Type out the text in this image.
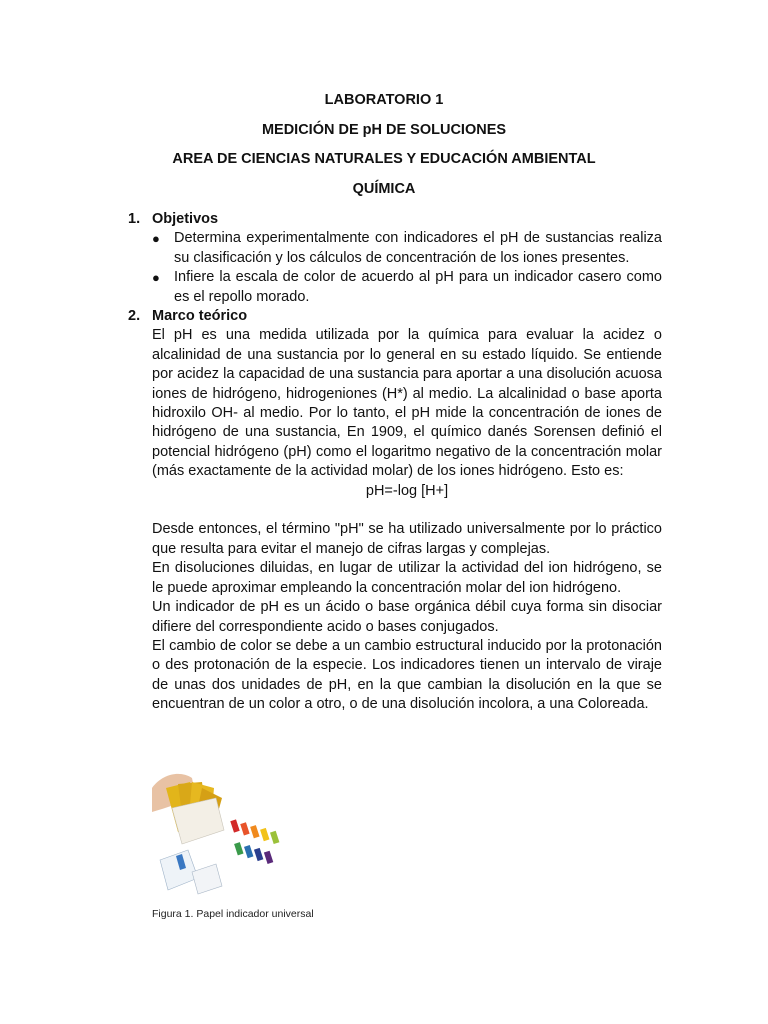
LABORATORIO 1
MEDICIÓN DE pH DE SOLUCIONES
AREA DE CIENCIAS NATURALES Y EDUCACIÓN AMBIENTAL
QUÍMICA
1. Objetivos
● Determina experimentalmente con indicadores el pH de sustancias realiza su clasificación y los cálculos de concentración de los iones presentes.
● Infiere la escala de color de acuerdo al pH para un indicador casero como es el repollo morado.
2. Marco teórico

El pH es una medida utilizada por la química para evaluar la acidez o alcalinidad de una sustancia por lo general en su estado líquido. Se entiende por acidez la capacidad de una sustancia para aportar a una disolución acuosa iones de hidrógeno, hidrogeniones (H*) al medio. La alcalinidad o base aporta hidroxilo OH- al medio. Por lo tanto, el pH mide la concentración de iones de hidrógeno de una sustancia, En 1909, el químico danés Sorensen definió el potencial hidrógeno (pH) como el logaritmo negativo de la concentración molar (más exactamente de la actividad molar) de los iones hidrógeno. Esto es:

pH=-log [H+]

Desde entonces, el término "pH" se ha utilizado universalmente por lo práctico que resulta para evitar el manejo de cifras largas y complejas.

En disoluciones diluidas, en lugar de utilizar la actividad del ion hidrógeno, se le puede aproximar empleando la concentración molar del ion hidrógeno.

Un indicador de pH es un ácido o base orgánica débil cuya forma sin disociar difiere del correspondiente acido o bases conjugados.

El cambio de color se debe a un cambio estructural inducido por la protonación o des protonación de la especie. Los indicadores tienen un intervalo de viraje de unas dos unidades de pH, en la que cambian la disolución en la que se encuentran de un color a otro, o de una disolución incolora, a una Coloreada.

Figura 1. Papel indicador universal
